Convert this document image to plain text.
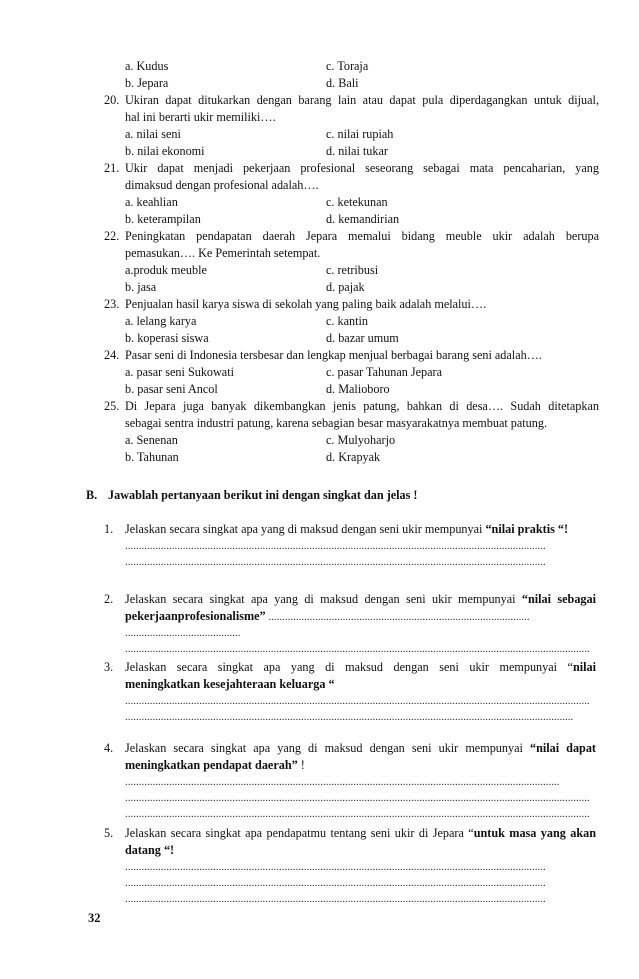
a. Kudus	c. Toraja
b. Jepara	d. Bali
20. Ukiran dapat ditukarkan dengan barang lain atau dapat pula diperdagangkan untuk dijual,
hal ini berarti ukir memiliki….
a. nilai seni	c. nilai rupiah
b. nilai ekonomi	d. nilai tukar
21. Ukir dapat menjadi pekerjaan profesional seseorang sebagai mata pencaharian, yang
dimaksud dengan profesional adalah….
a. keahlian	c. ketekunan
b. keterampilan	d. kemandirian
22. Peningkatan pendapatan daerah Jepara memalui bidang meuble ukir adalah berupa
pemasukan…. Ke Pemerintah setempat.
a.produk meuble	c. retribusi
b. jasa	d. pajak
23. Penjualan hasil karya siswa di sekolah yang paling baik adalah melalui….
a. lelang karya	c. kantin
b. koperasi siswa	d. bazar umum
24. Pasar seni di Indonesia tersbesar dan lengkap menjual berbagai barang seni adalah….
a. pasar seni Sukowati	c. pasar Tahunan Jepara
b. pasar seni Ancol	d. Malioboro
25. Di Jepara juga banyak dikembangkan jenis patung, bahkan di desa…. Sudah ditetapkan
sebagai sentra industri patung, karena sebagian besar masyarakatnya membuat patung.
a. Senenan	c. Mulyoharjo
b. Tahunan	d. Krapyak
B. Jawablah pertanyaan berikut ini dengan singkat dan jelas !
1. Jelaskan secara singkat apa yang di maksud dengan seni ukir mempunyai “nilai praktis “!
.........................................................................................................................................................
.........................................................................................................................................................
2. Jelaskan secara singkat apa yang di maksud dengan seni ukir mempunyai “nilai sebagai
pekerjaanprofesionalisme” ...............................................................................................
..........................................
.........................................................................................................................................................................
3. Jelaskan secara singkat apa yang di maksud dengan seni ukir mempunyai “nilai
meningkatkan kesejahteraan keluarga “
.........................................................................................................................................................................
...................................................................................................................................................................
4. Jelaskan secara singkat apa yang di maksud dengan seni ukir mempunyai “nilai dapat
meningkatkan pendapat daerah” !
..............................................................................................................................................................
.........................................................................................................................................................................
.........................................................................................................................................................................
5. Jelaskan secara singkat apa pendapatmu tentang seni ukir di Jepara “untuk masa yang akan
datang “!
.........................................................................................................................................................
.........................................................................................................................................................
.........................................................................................................................................................
32
